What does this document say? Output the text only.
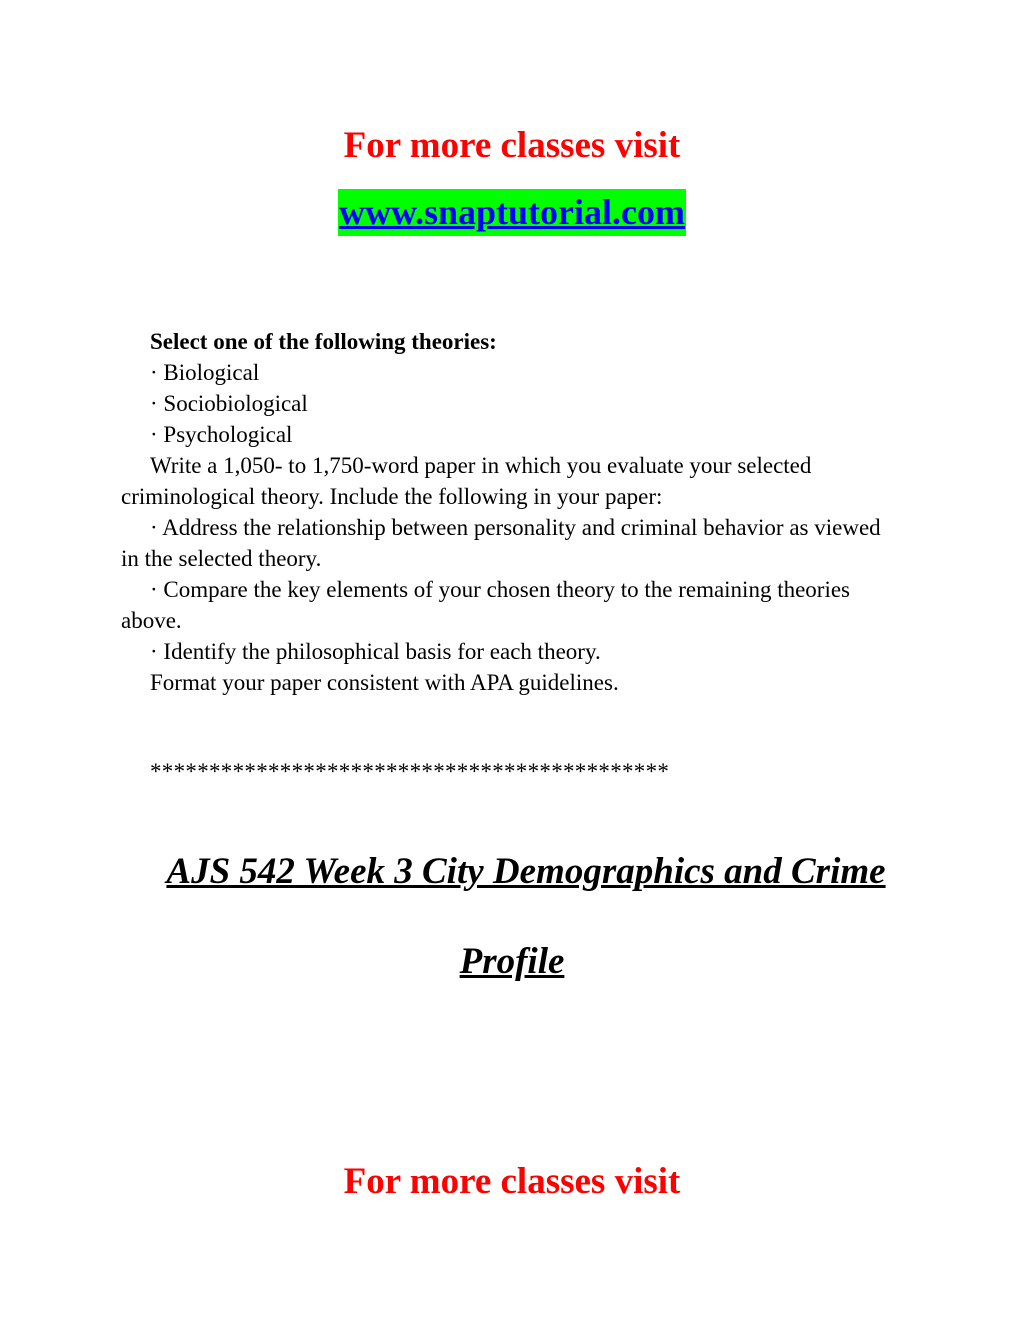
For more classes visit
www.snaptutorial.com

Select one of the following theories:

· Biological

· Sociobiological

· Psychological

Write a 1,050- to 1,750-word paper in which you evaluate your selected criminological theory. Include the following in your paper:

· Address the relationship between personality and criminal behavior as viewed in the selected theory.

· Compare the key elements of your chosen theory to the remaining theories above.

· Identify the philosophical basis for each theory.

Format your paper consistent with APA guidelines.

********************************************
AJS 542 Week 3 City Demographics and Crime
Profile
For more classes visit
